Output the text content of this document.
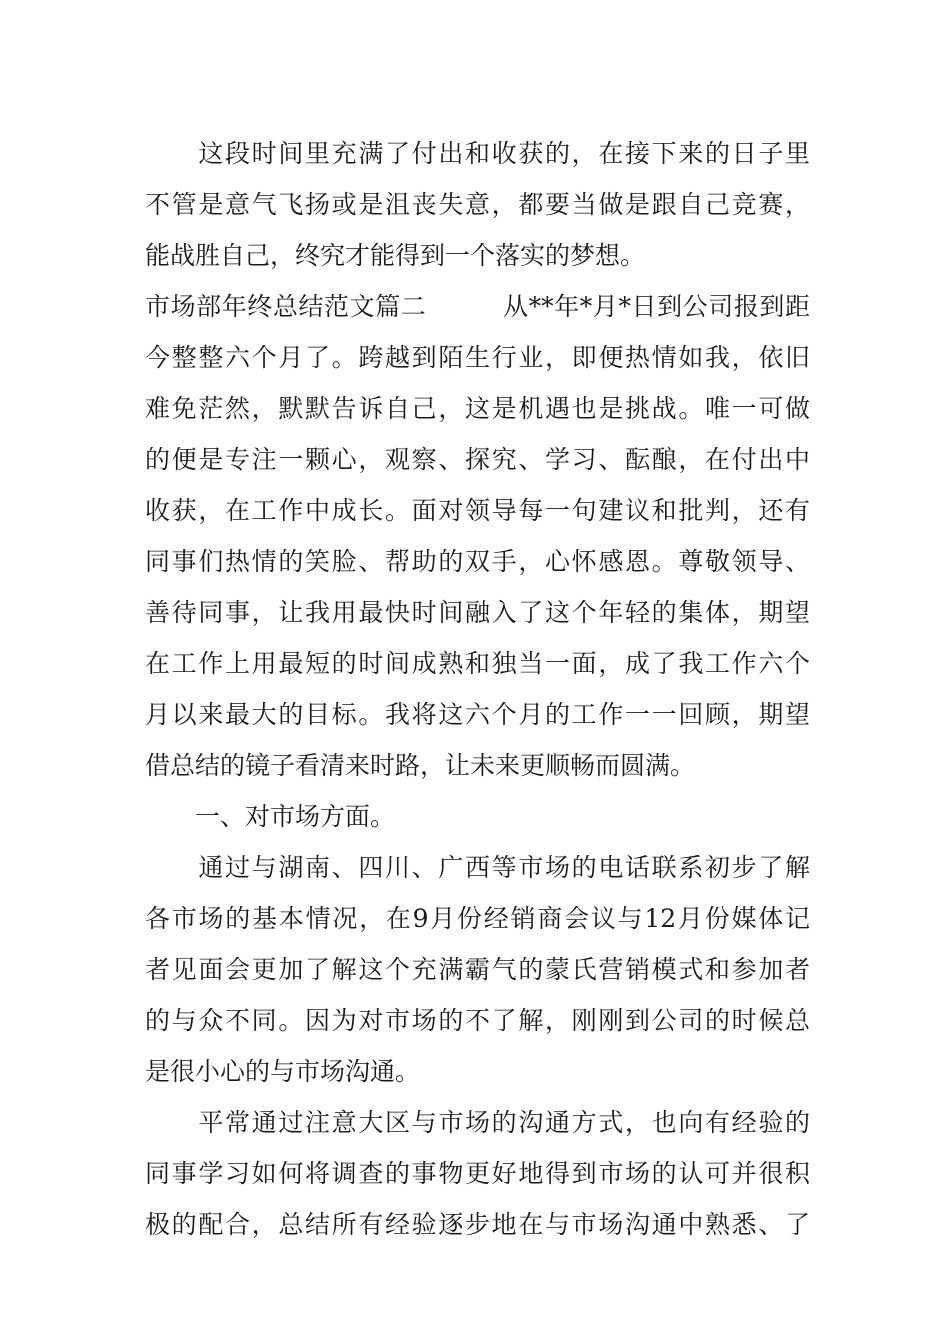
　　这段时间里充满了付出和收获的，在接下来的日子里
不管是意气飞扬或是沮丧失意，都要当做是跟自己竞赛，
能战胜自己，终究才能得到一个落实的梦想。
市场部年终总结范文篇二　　　从**年*月*日到公司报到距
今整整六个月了。跨越到陌生行业，即便热情如我，依旧
难免茫然，默默告诉自己，这是机遇也是挑战。唯一可做
的便是专注一颗心，观察、探究、学习、酝酿，在付出中
收获，在工作中成长。面对领导每一句建议和批判，还有
同事们热情的笑脸、帮助的双手，心怀感恩。尊敬领导、
善待同事，让我用最快时间融入了这个年轻的集体，期望
在工作上用最短的时间成熟和独当一面，成了我工作六个
月以来最大的目标。我将这六个月的工作一一回顾，期望
借总结的镜子看清来时路，让未来更顺畅而圆满。
　　一、对市场方面。
　　通过与湖南、四川、广西等市场的电话联系初步了解
各市场的基本情况，在9月份经销商会议与12月份媒体记
者见面会更加了解这个充满霸气的蒙氏营销模式和参加者
的与众不同。因为对市场的不了解，刚刚到公司的时候总
是很小心的与市场沟通。
　　平常通过注意大区与市场的沟通方式，也向有经验的
同事学习如何将调查的事物更好地得到市场的认可并很积
极的配合，总结所有经验逐步地在与市场沟通中熟悉、了
